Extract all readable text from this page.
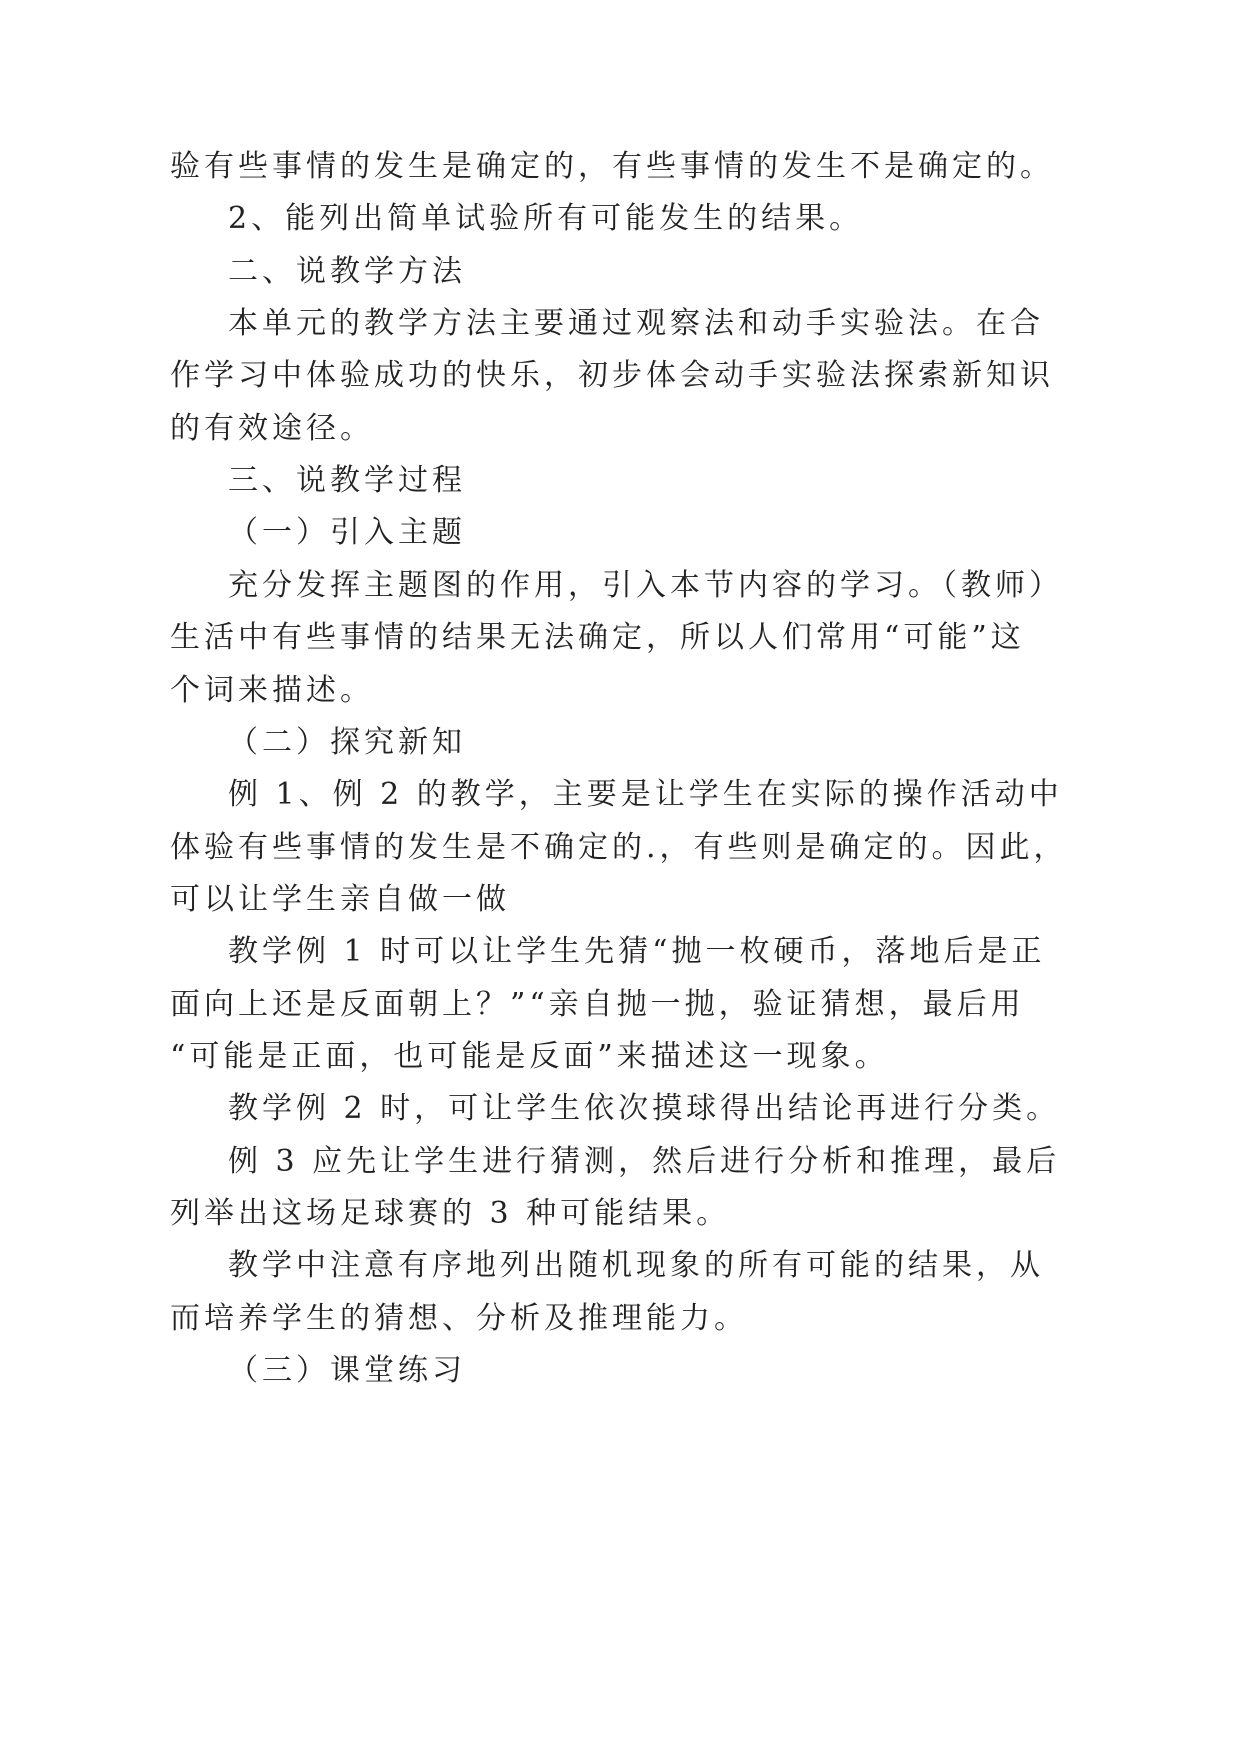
验有些事情的发生是确定的，有些事情的发生不是确定的。
2、能列出简单试验所有可能发生的结果。
二、说教学方法
本单元的教学方法主要通过观察法和动手实验法。在合
作学习中体验成功的快乐，初步体会动手实验法探索新知识
的有效途径。
三、说教学过程
（一）引入主题
充分发挥主题图的作用，引入本节内容的学习。（教师）
生活中有些事情的结果无法确定，所以人们常用“可能”这
个词来描述。
（二）探究新知
例 1、例 2 的教学，主要是让学生在实际的操作活动中
体验有些事情的发生是不确定的.，有些则是确定的。因此，
可以让学生亲自做一做
教学例 1 时可以让学生先猜“抛一枚硬币，落地后是正
面向上还是反面朝上？”“亲自抛一抛，验证猜想，最后用
“可能是正面，也可能是反面”来描述这一现象。
教学例 2 时，可让学生依次摸球得出结论再进行分类。
例 3 应先让学生进行猜测，然后进行分析和推理，最后
列举出这场足球赛的 3 种可能结果。
教学中注意有序地列出随机现象的所有可能的结果，从
而培养学生的猜想、分析及推理能力。
（三）课堂练习
